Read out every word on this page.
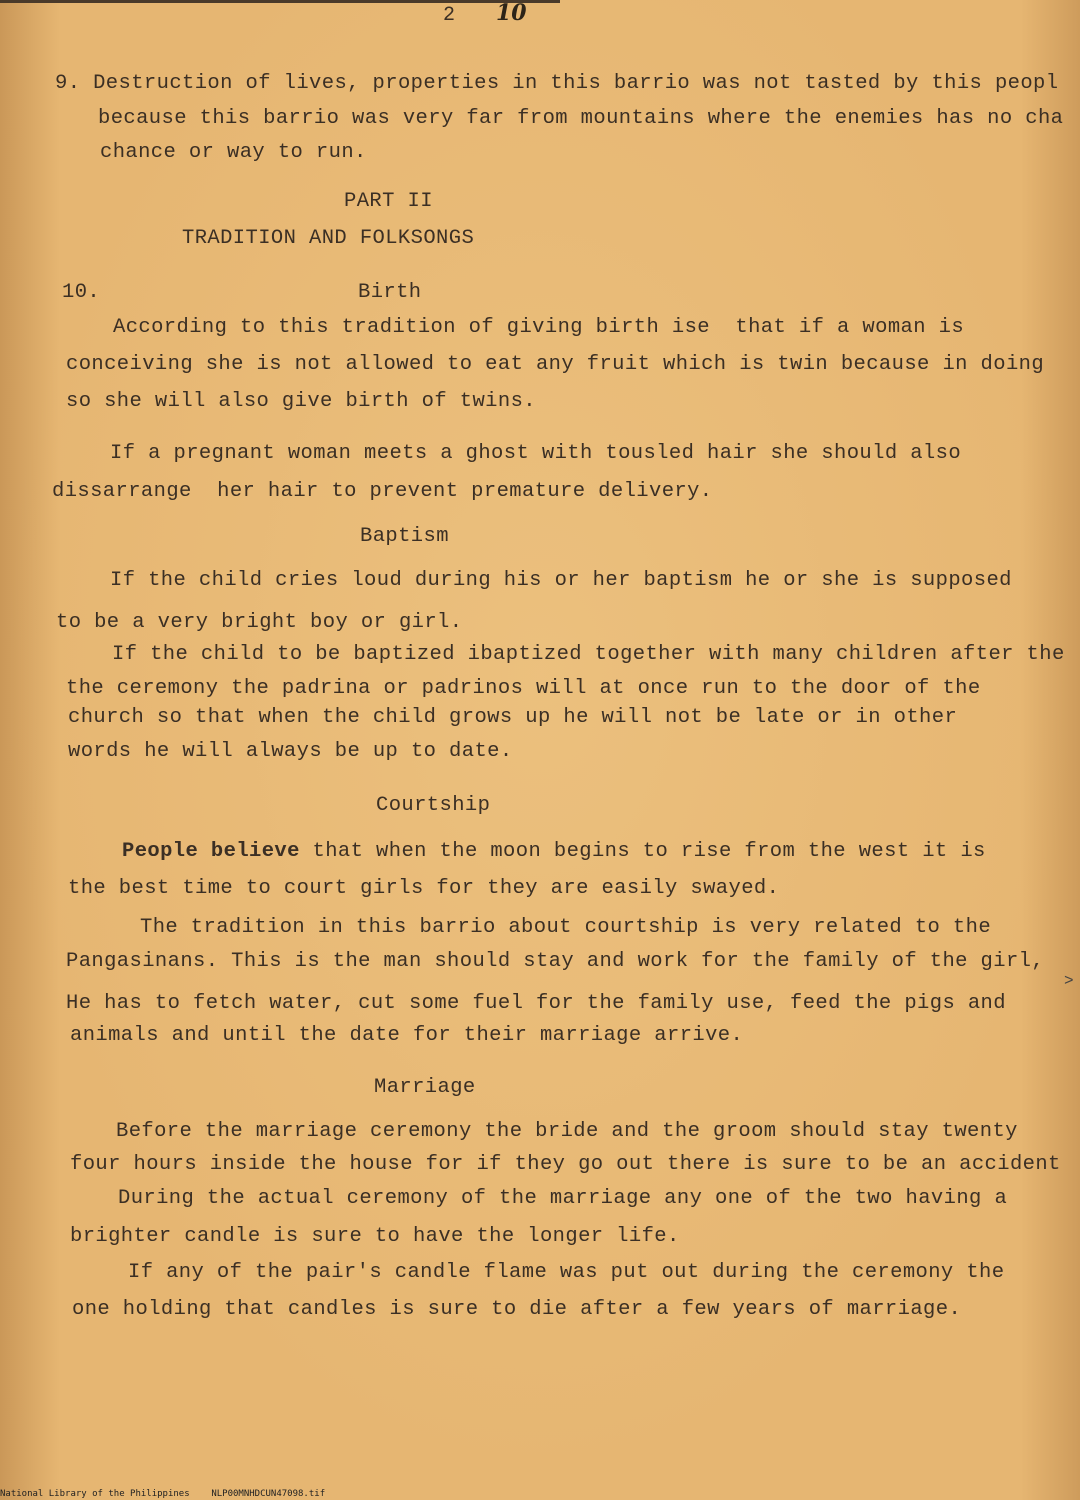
2 10
9. Destruction of lives, properties in this barrio was not tasted by this peopl
because this barrio was very far from mountains where the enemies has no cha
chance or way to run.
PART II
TRADITION AND FOLKSONGS
10.	Birth
According to this tradition of giving birth ise  that if a woman is
conceiving she is not allowed to eat any fruit which is twin because in doing
so she will also give birth of twins.
If a pregnant woman meets a ghost with tousled hair she should also
dissarrange  her hair to prevent premature delivery.
Baptism
If the child cries loud during his or her baptism he or she is supposed
to be a very bright boy or girl.
If the child to be baptized ibaptized together with many children after the
the ceremony the padrina or padrinos will at once run to the door of the
church so that when the child grows up he will not be late or in other
words he will always be up to date.
Courtship
People believe that when the moon begins to rise from the west it is
the best time to court girls for they are easily swayed.
The tradition in this barrio about courtship is very related to the
Pangasinans. This is the man should stay and work for the family of the girl,
He has to fetch water, cut some fuel for the family use, feed the pigs and
animals and until the date for their marriage arrive.
Marriage
Before the marriage ceremony the bride and the groom should stay twenty
four hours inside the house for if they go out there is sure to be an accident
During the actual ceremony of the marriage any one of the two having a
brighter candle is sure to have the longer life.
If any of the pair's candle flame was put out during the ceremony the
one holding that candles is sure to die after a few years of marriage.
>
National Library of the Philippines    NLP00MNHDCUN47098.tif
